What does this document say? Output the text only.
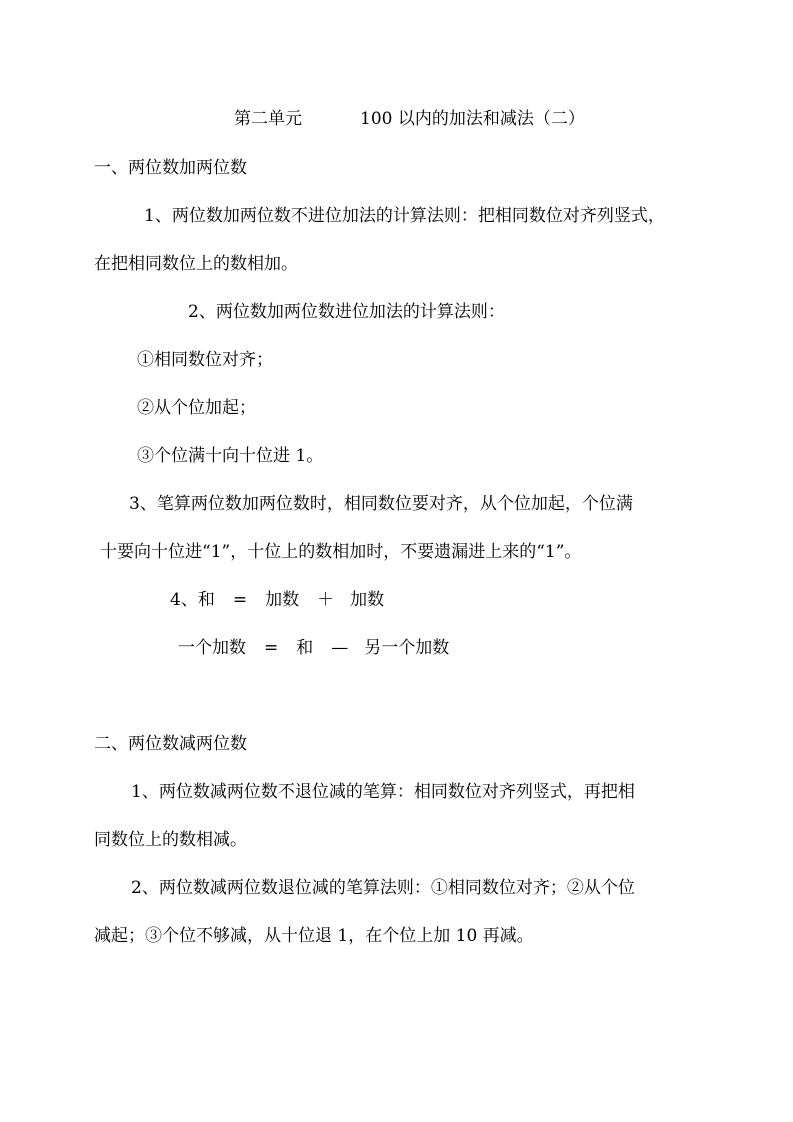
第二单元	100 以内的加法和减法（二）
一、两位数加两位数
1、两位数加两位数不进位加法的计算法则：把相同数位对齐列竖式，
在把相同数位上的数相加。
2、两位数加两位数进位加法的计算法则：
①相同数位对齐；
②从个位加起；
③个位满十向十位进 1。
3、笔算两位数加两位数时，相同数位要对齐，从个位加起，个位满
十要向十位进“1”，十位上的数相加时，不要遗漏进上来的“1”。
4、和 = 加数 ＋ 加数
一个加数 = 和 — 另一个加数
二、两位数减两位数
1、两位数减两位数不退位减的笔算：相同数位对齐列竖式，再把相
同数位上的数相减。
2、两位数减两位数退位减的笔算法则：①相同数位对齐；②从个位
减起；③个位不够减，从十位退 1，在个位上加 10 再减。
